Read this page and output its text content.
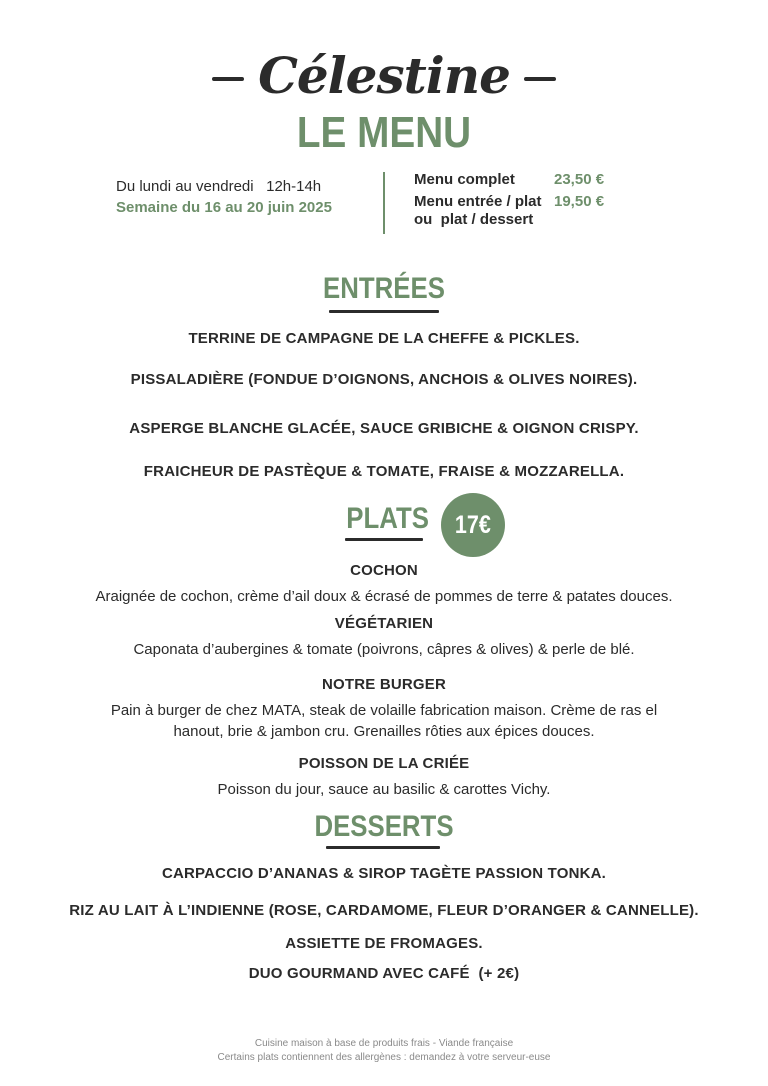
Célestine
LE MENU
Du lundi au vendredi   12h-14h
Semaine du 16 au 20 juin 2025
Menu complet	23,50 €
Menu entrée / plat
ou  plat / dessert
19,50 €
ENTRÉES
TERRINE DE CAMPAGNE DE LA CHEFFE & PICKLES.
PISSALADIÈRE (FONDUE D’OIGNONS, ANCHOIS & OLIVES NOIRES).
ASPERGE BLANCHE GLACÉE, SAUCE GRIBICHE & OIGNON CRISPY.
FRAICHEUR DE PASTÈQUE & TOMATE, FRAISE & MOZZARELLA.
PLATS 17€
COCHON
Araignée de cochon, crème d’ail doux & écrasé de pommes de terre & patates douces.
VÉGÉTARIEN
Caponata d’aubergines & tomate (poivrons, câpres & olives) & perle de blé.
NOTRE BURGER
Pain à burger de chez MATA, steak de volaille fabrication maison. Crème de ras el
hanout, brie & jambon cru. Grenailles rôties aux épices douces.
POISSON DE LA CRIÉE
Poisson du jour, sauce au basilic & carottes Vichy.
DESSERTS
CARPACCIO D’ANANAS & SIROP TAGÈTE PASSION TONKA.
RIZ AU LAIT À L’INDIENNE (ROSE, CARDAMOME, FLEUR D’ORANGER & CANNELLE).
ASSIETTE DE FROMAGES.
DUO GOURMAND AVEC CAFÉ  (+ 2€)
Cuisine maison à base de produits frais - Viande française
Certains plats contiennent des allergènes : demandez à votre serveur-euse
